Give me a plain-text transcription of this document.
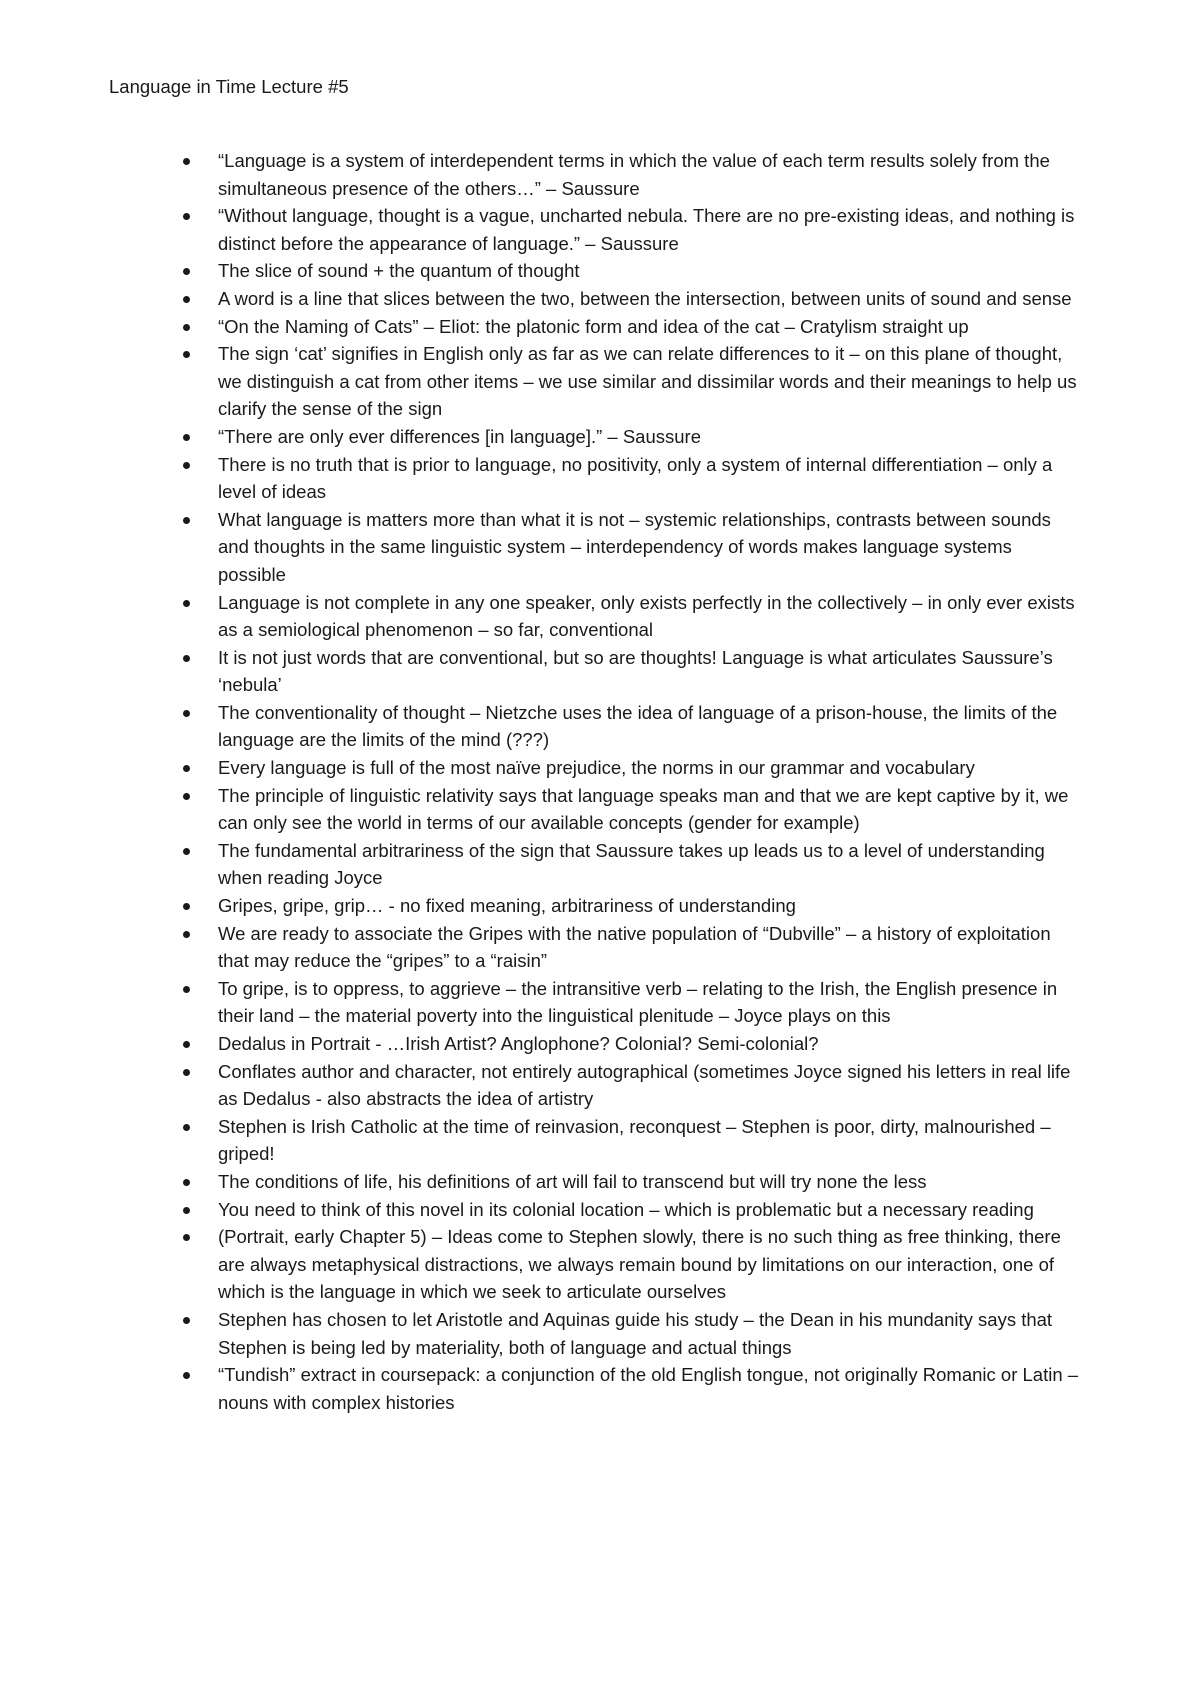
Language in Time Lecture #5
“Language is a system of interdependent terms in which the value of each term results solely from the simultaneous presence of the others…” – Saussure
“Without language, thought is a vague, uncharted nebula. There are no pre-existing ideas, and nothing is distinct before the appearance of language.” – Saussure
The slice of sound + the quantum of thought
A word is a line that slices between the two, between the intersection, between units of sound and sense
“On the Naming of Cats” – Eliot: the platonic form and idea of the cat – Cratylism straight up
The sign ‘cat’ signifies in English only as far as we can relate differences to it – on this plane of thought, we distinguish a cat from other items – we use similar and dissimilar words and their meanings to help us clarify the sense of the sign
“There are only ever differences [in language].” – Saussure
There is no truth that is prior to language, no positivity, only a system of internal differentiation – only a level of ideas
What language is matters more than what it is not – systemic relationships, contrasts between sounds and thoughts in the same linguistic system – interdependency of words makes language systems possible
Language is not complete in any one speaker, only exists perfectly in the collectively – in only ever exists as a semiological phenomenon – so far, conventional
It is not just words that are conventional, but so are thoughts! Language is what articulates Saussure’s ‘nebula’
The conventionality of thought – Nietzche uses the idea of language of a prison-house, the limits of the language are the limits of the mind (???)
Every language is full of the most naïve prejudice, the norms in our grammar and vocabulary
The principle of linguistic relativity says that language speaks man and that we are kept captive by it, we can only see the world in terms of our available concepts (gender for example)
The fundamental arbitrariness of the sign that Saussure takes up leads us to a level of understanding when reading Joyce
Gripes, gripe, grip… - no fixed meaning, arbitrariness of understanding
We are ready to associate the Gripes with the native population of “Dubville” – a history of exploitation that may reduce the “gripes” to a “raisin”
To gripe, is to oppress, to aggrieve – the intransitive verb – relating to the Irish, the English presence in their land – the material poverty into the linguistical plenitude – Joyce plays on this
Dedalus in Portrait - …Irish Artist? Anglophone? Colonial? Semi-colonial?
Conflates author and character, not entirely autographical (sometimes Joyce signed his letters in real life as Dedalus - also abstracts the idea of artistry
Stephen is Irish Catholic at the time of reinvasion, reconquest – Stephen is poor, dirty, malnourished – griped!
The conditions of life, his definitions of art will fail to transcend but will try none the less
You need to think of this novel in its colonial location – which is problematic but a necessary reading
(Portrait, early Chapter 5) – Ideas come to Stephen slowly, there is no such thing as free thinking, there are always metaphysical distractions, we always remain bound by limitations on our interaction, one of which is the language in which we seek to articulate ourselves
Stephen has chosen to let Aristotle and Aquinas guide his study – the Dean in his mundanity says that Stephen is being led by materiality, both of language and actual things
“Tundish” extract in coursepack: a conjunction of the old English tongue, not originally Romanic or Latin – nouns with complex histories
